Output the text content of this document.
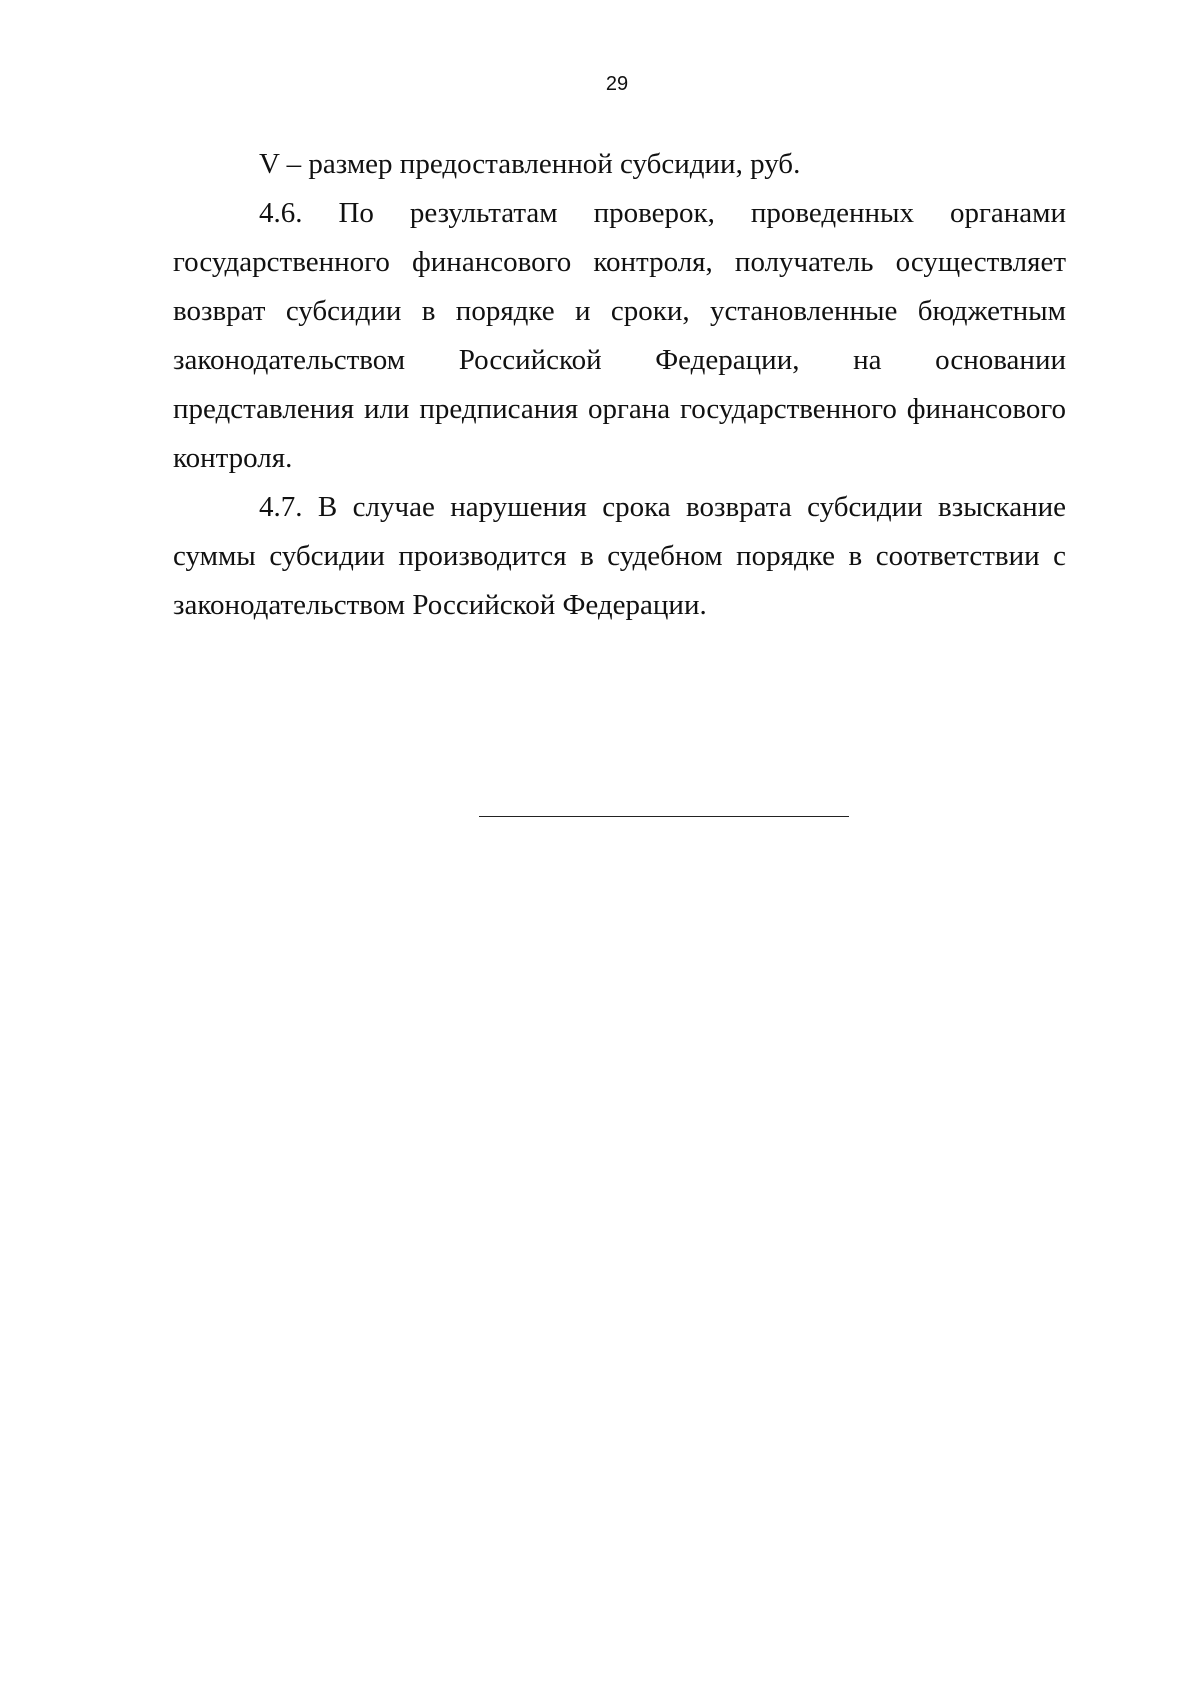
29

V – размер предоставленной субсидии, руб.

4.6. По результатам проверок, проведенных органами государственного финансового контроля, получатель осуществляет возврат субсидии в порядке и сроки, установленные бюджетным законодательством Российской Федерации, на основании представления или предписания органа государственного финансового контроля.

4.7. В случае нарушения срока возврата субсидии взыскание суммы субсидии производится в судебном порядке в соответствии с законодательством Российской Федерации.
